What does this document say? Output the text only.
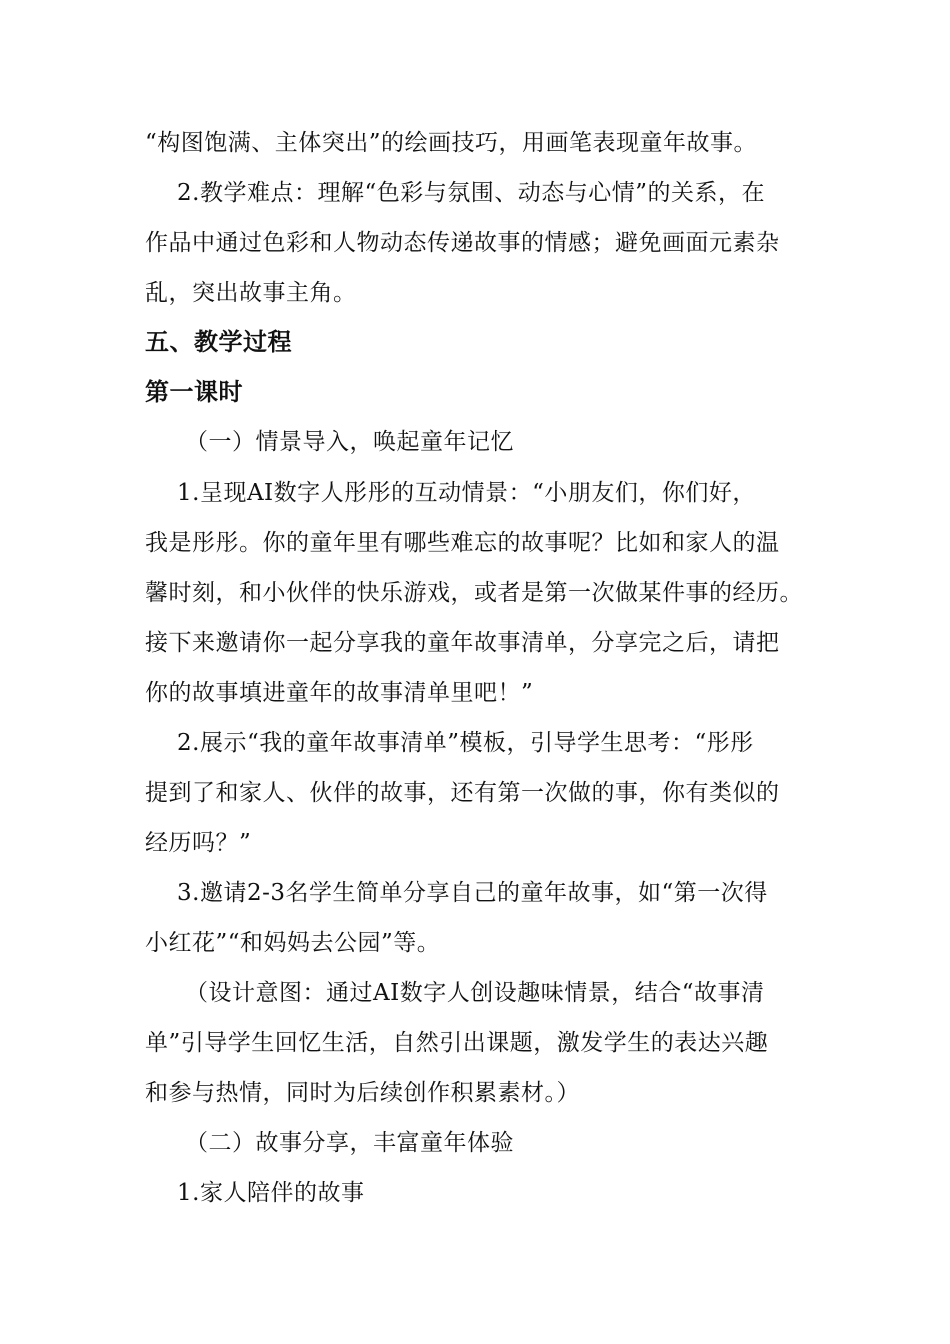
“构图饱满、主体突出”的绘画技巧，用画笔表现童年故事。
2.教学难点：理解“色彩与氛围、动态与心情”的关系，在
作品中通过色彩和人物动态传递故事的情感；避免画面元素杂
乱，突出故事主角。
五、教学过程
第一课时
（一）情景导入，唤起童年记忆
1.呈现AI数字人彤彤的互动情景：“小朋友们，你们好，
我是彤彤。你的童年里有哪些难忘的故事呢？比如和家人的温
馨时刻，和小伙伴的快乐游戏，或者是第一次做某件事的经历。
接下来邀请你一起分享我的童年故事清单，分享完之后，请把
你的故事填进童年的故事清单里吧！”
2.展示“我的童年故事清单”模板，引导学生思考：“彤彤
提到了和家人、伙伴的故事，还有第一次做的事，你有类似的
经历吗？”
3.邀请2-3名学生简单分享自己的童年故事，如“第一次得
小红花”“和妈妈去公园”等。
（设计意图：通过AI数字人创设趣味情景，结合“故事清
单”引导学生回忆生活，自然引出课题，激发学生的表达兴趣
和参与热情，同时为后续创作积累素材。）
（二）故事分享，丰富童年体验
1.家人陪伴的故事
